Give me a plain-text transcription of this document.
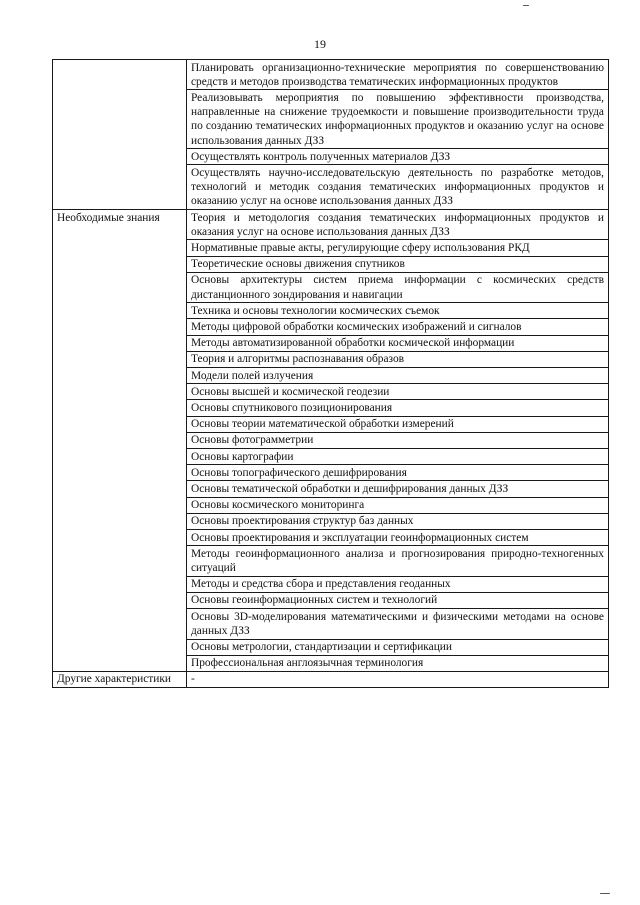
19
	Планировать организационно-технические мероприятия по совершенствованию средств и методов производства тематических информационных продуктов
	Реализовывать мероприятия по повышению эффективности производства, направленные на снижение трудоемкости и повышение производительности труда по созданию тематических информационных продуктов и оказанию услуг на основе использования данных ДЗЗ
	Осуществлять контроль полученных материалов ДЗЗ
	Осуществлять научно-исследовательскую деятельность по разработке методов, технологий и методик создания тематических информационных продуктов и оказанию услуг на основе использования данных ДЗЗ
Необходимые знания	Теория и методология создания тематических информационных продуктов и оказания услуг на основе использования данных ДЗЗ
	Нормативные правые акты, регулирующие сферу использования РКД
	Теоретические основы движения спутников
	Основы архитектуры систем приема информации с космических средств дистанционного зондирования и навигации
	Техника и основы технологии космических съемок
	Методы цифровой обработки космических изображений и сигналов
	Методы автоматизированной обработки космической информации
	Теория и алгоритмы распознавания образов
	Модели полей излучения
	Основы высшей и космической геодезии
	Основы спутникового позиционирования
	Основы теории математической обработки измерений
	Основы фотограмметрии
	Основы картографии
	Основы топографического дешифрирования
	Основы тематической обработки и дешифрирования данных ДЗЗ
	Основы космического мониторинга
	Основы проектирования структур баз данных
	Основы проектирования и эксплуатации геоинформационных систем
	Методы геоинформационного анализа и прогнозирования природно-техногенных ситуаций
	Методы и средства сбора и представления геоданных
	Основы геоинформационных систем и технологий
	Основы 3D-моделирования математическими и физическими методами на основе данных ДЗЗ
	Основы метрологии, стандартизации и сертификации
	Профессиональная англоязычная терминология
Другие характеристики	-
